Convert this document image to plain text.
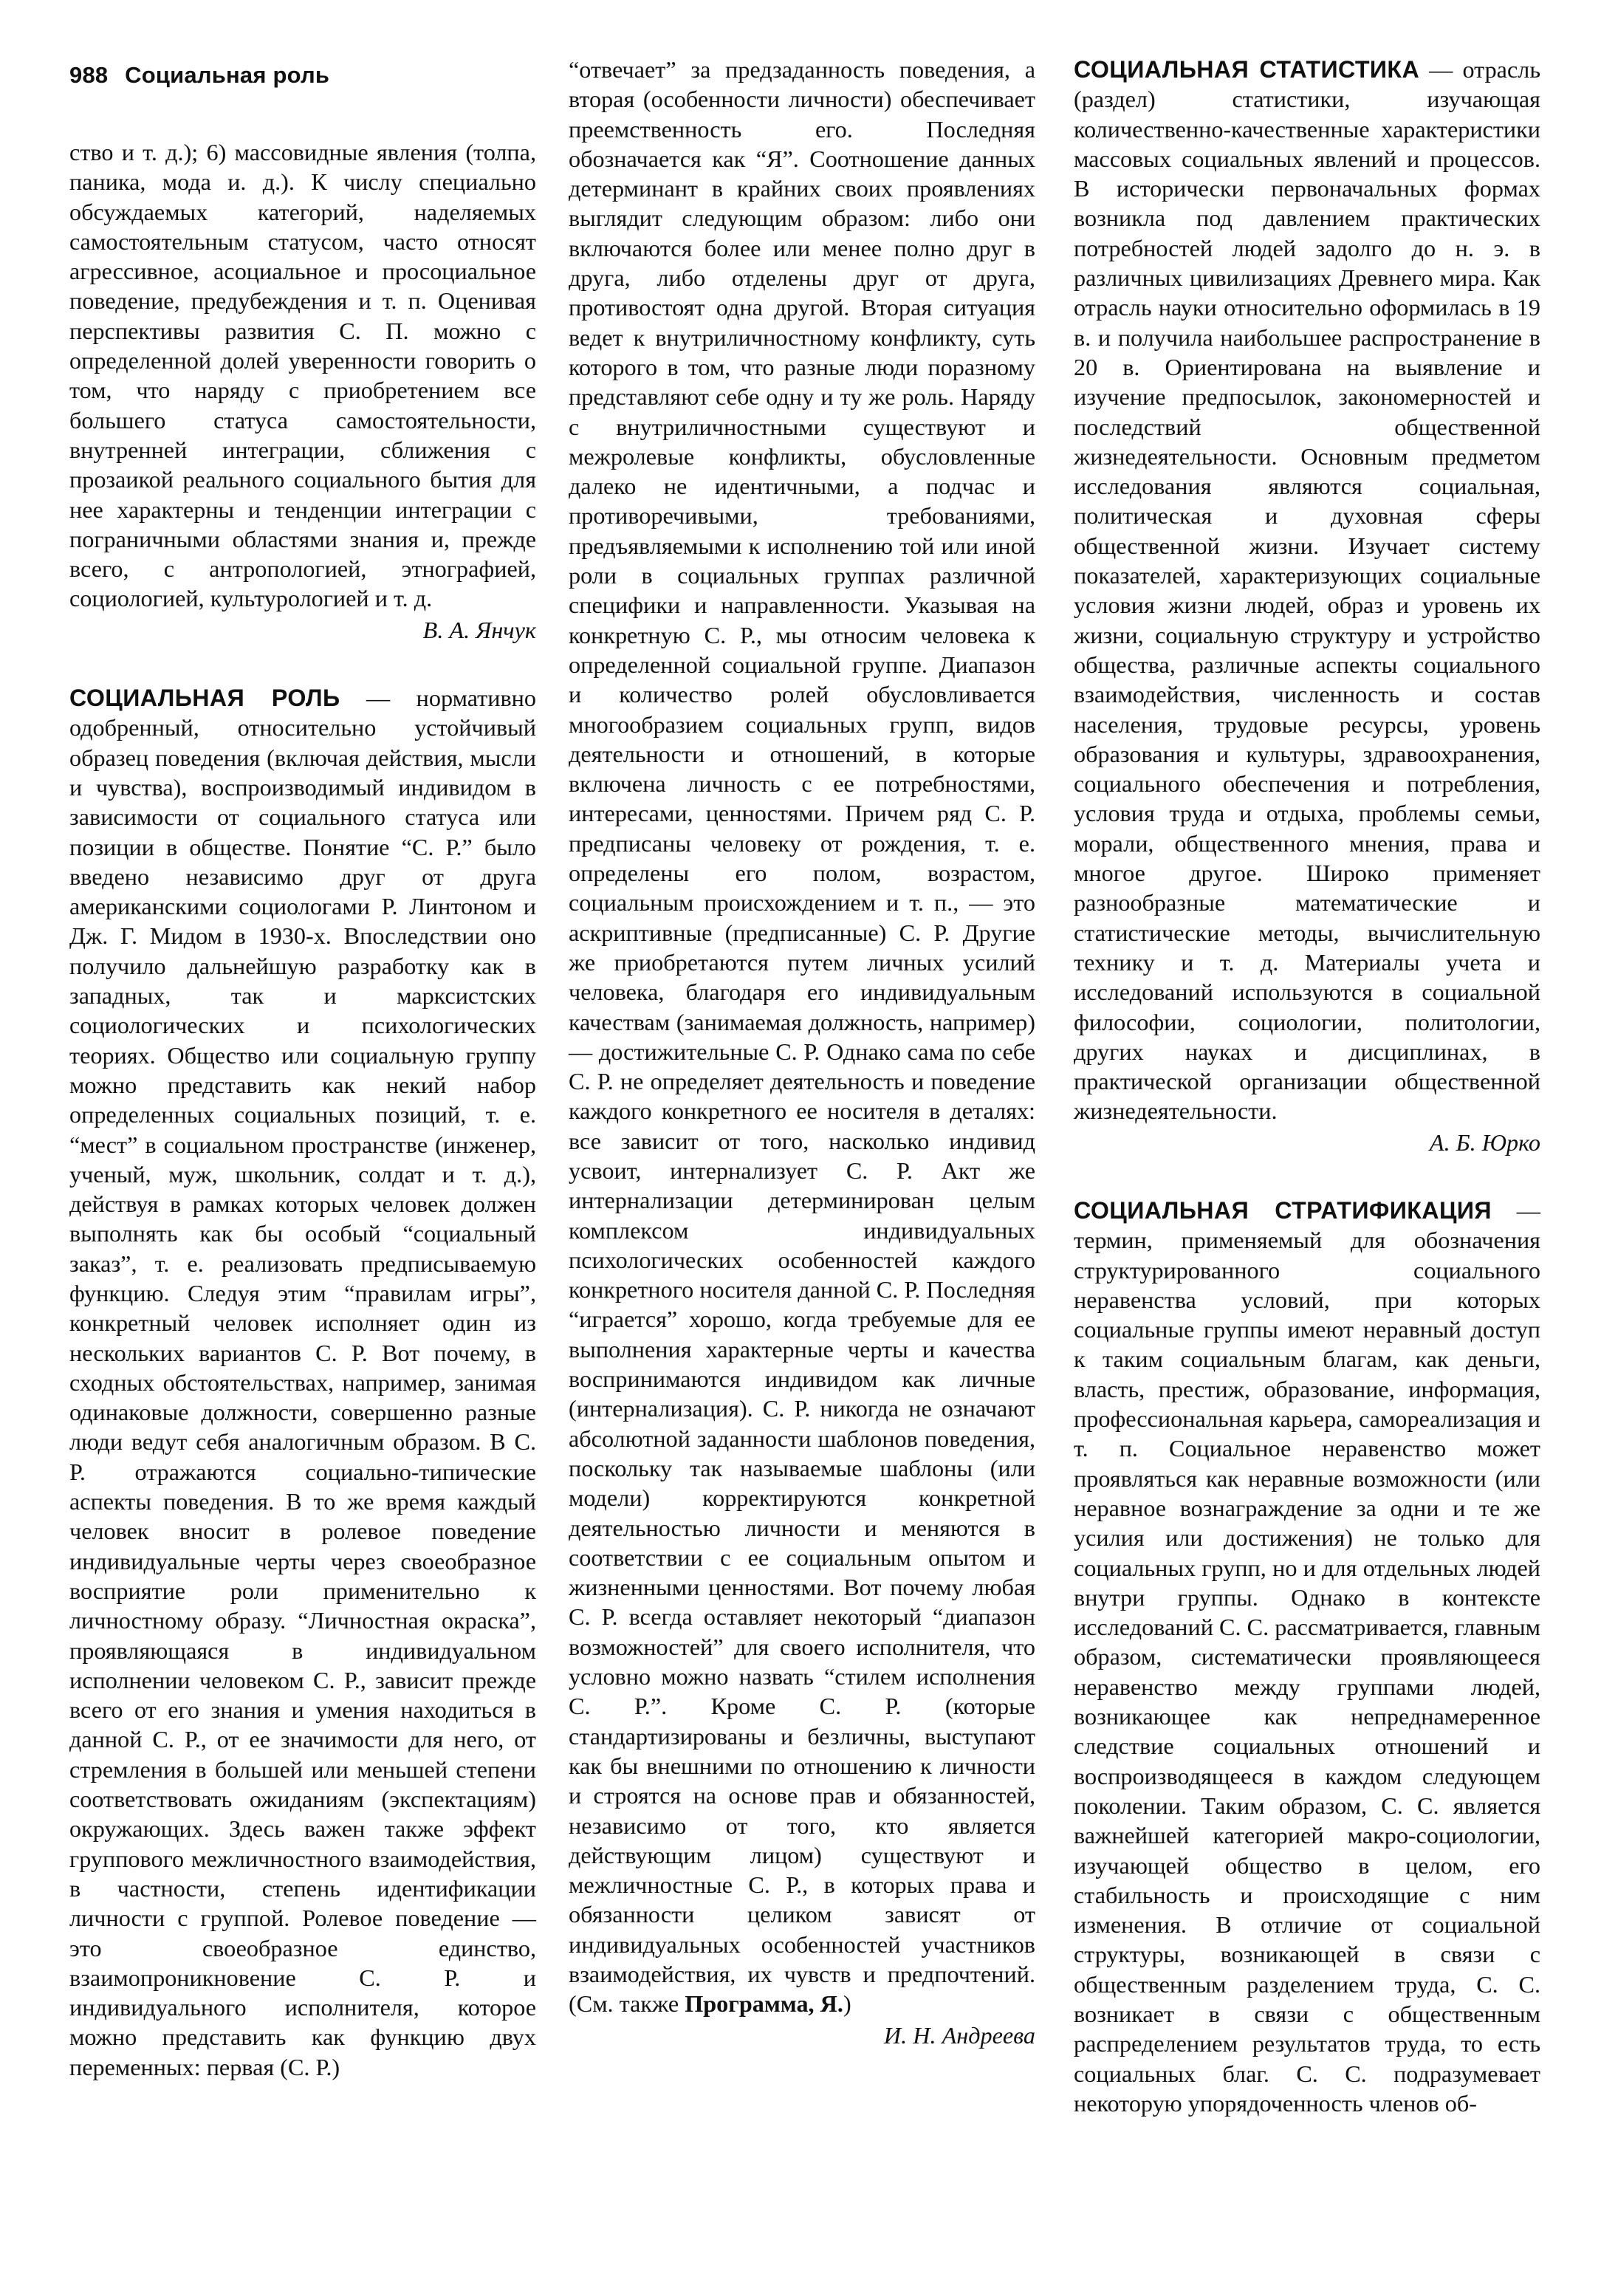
988 Социальная роль

ство и т. д.); 6) массовидные явления (толпа, паника, мода и. д.). К числу специально обсуждаемых категорий, наделяемых самостоятельным статусом, часто относят агрессивное, асоциальное и просоциальное поведение, предубеждения и т. п. Оценивая перспективы развития С. П. можно с определенной долей уверенности говорить о том, что наряду с приобретением все большего статуса самостоятельности, внутренней интеграции, сближения с прозаикой реального социального бытия для нее характерны и тенденции интеграции с пограничными областями знания и, прежде всего, с антропологией, этнографией, социологией, культурологией и т. д.

В. А. Янчук

СОЦИАЛЬНАЯ РОЛЬ — нормативно одобренный, относительно устойчивый образец поведения (включая действия, мысли и чувства), воспроизводимый индивидом в зависимости от социального статуса или позиции в обществе. Понятие “С. Р.” было введено независимо друг от друга американскими социологами Р. Линтоном и Дж. Г. Мидом в 1930-х. Впоследствии оно получило дальнейшую разработку как в западных, так и марксистских социологических и психологических теориях. Общество или социальную группу можно представить как некий набор определенных социальных позиций, т. е. “мест” в социальном пространстве (инженер, ученый, муж, школьник, солдат и т. д.), действуя в рамках которых человек должен выполнять как бы особый “социальный заказ”, т. е. реализовать предписываемую функцию. Следуя этим “правилам игры”, конкретный человек исполняет один из нескольких вариантов С. Р. Вот почему, в сходных обстоятельствах, например, занимая одинаковые должности, совершенно разные люди ведут себя аналогичным образом. В С. Р. отражаются социально-типические аспекты поведения. В то же время каждый человек вносит в ролевое поведение индивидуальные черты через своеобразное восприятие роли применительно к личностному образу. “Личностная окраска”, проявляющаяся в индивидуальном исполнении человеком С. Р., зависит прежде всего от его знания и умения находиться в данной С. Р., от ее значимости для него, от стремления в большей или меньшей степени соответствовать ожиданиям (экспектациям) окружающих. Здесь важен также эффект группового межличностного взаимодействия, в частности, степень идентификации личности с группой. Ролевое поведение — это своеобразное единство, взаимопроникновение С. Р. и индивидуального исполнителя, которое можно представить как функцию двух переменных: первая (С. Р.)

“отвечает” за предзаданность поведения, а вторая (особенности личности) обеспечивает преемственность его. Последняя обозначается как “Я”. Соотношение данных детерминант в крайних своих проявлениях выглядит следующим образом: либо они включаются более или менее полно друг в друга, либо отделены друг от друга, противостоят одна другой. Вторая ситуация ведет к внутриличностному конфликту, суть которого в том, что разные люди поразному представляют себе одну и ту же роль. Наряду с внутриличностными существуют и межролевые конфликты, обусловленные далеко не идентичными, а подчас и противоречивыми, требованиями, предъявляемыми к исполнению той или иной роли в социальных группах различной специфики и направленности. Указывая на конкретную С. Р., мы относим человека к определенной социальной группе. Диапазон и количество ролей обусловливается многообразием социальных групп, видов деятельности и отношений, в которые включена личность с ее потребностями, интересами, ценностями. Причем ряд С. Р. предписаны человеку от рождения, т. е. определены его полом, возрастом, социальным происхождением и т. п., — это аскриптивные (предписанные) С. Р. Другие же приобретаются путем личных усилий человека, благодаря его индивидуальным качествам (занимаемая должность, например) — достижительные С. Р. Однако сама по себе С. Р. не определяет деятельность и поведение каждого конкретного ее носителя в деталях: все зависит от того, насколько индивид усвоит, интернализует С. Р. Акт же интернализации детерминирован целым комплексом индивидуальных психологических особенностей каждого конкретного носителя данной С. Р. Последняя “играется” хорошо, когда требуемые для ее выполнения характерные черты и качества воспринимаются индивидом как личные (интернализация). С. Р. никогда не означают абсолютной заданности шаблонов поведения, поскольку так называемые шаблоны (или модели) корректируются конкретной деятельностью личности и меняются в соответствии с ее социальным опытом и жизненными ценностями. Вот почему любая С. Р. всегда оставляет некоторый “диапазон возможностей” для своего исполнителя, что условно можно назвать “стилем исполнения С. Р.”. Кроме С. Р. (которые стандартизированы и безличны, выступают как бы внешними по отношению к личности и строятся на основе прав и обязанностей, независимо от того, кто является действующим лицом) существуют и межличностные С. Р., в которых права и обязанности целиком зависят от индивидуальных особенностей участников взаимодействия, их чувств и предпочтений. (См. также Программа, Я.)

И. Н. Андреева

СОЦИАЛЬНАЯ СТАТИСТИКА — отрасль (раздел) статистики, изучающая количественно-качественные характеристики массовых социальных явлений и процессов. В исторически первоначальных формах возникла под давлением практических потребностей людей задолго до н. э. в различных цивилизациях Древнего мира. Как отрасль науки относительно оформилась в 19 в. и получила наибольшее распространение в 20 в. Ориентирована на выявление и изучение предпосылок, закономерностей и последствий общественной жизнедеятельности. Основным предметом исследования являются социальная, политическая и духовная сферы общественной жизни. Изучает систему показателей, характеризующих социальные условия жизни людей, образ и уровень их жизни, социальную структуру и устройство общества, различные аспекты социального взаимодействия, численность и состав населения, трудовые ресурсы, уровень образования и культуры, здравоохранения, социального обеспечения и потребления, условия труда и отдыха, проблемы семьи, морали, общественного мнения, права и многое другое. Широко применяет разнообразные математические и статистические методы, вычислительную технику и т. д. Материалы учета и исследований используются в социальной философии, социологии, политологии, других науках и дисциплинах, в практической организации общественной жизнедеятельности.

А. Б. Юрко

СОЦИАЛЬНАЯ СТРАТИФИКАЦИЯ — термин, применяемый для обозначения структурированного социального неравенства условий, при которых социальные группы имеют неравный доступ к таким социальным благам, как деньги, власть, престиж, образование, информация, профессиональная карьера, самореализация и т. п. Социальное неравенство может проявляться как неравные возможности (или неравное вознаграждение за одни и те же усилия или достижения) не только для социальных групп, но и для отдельных людей внутри группы. Однако в контексте исследований С. С. рассматривается, главным образом, систематически проявляющееся неравенство между группами людей, возникающее как непреднамеренное следствие социальных отношений и воспроизводящееся в каждом следующем поколении. Таким образом, С. С. является важнейшей категорией макро-социологии, изучающей общество в целом, его стабильность и происходящие с ним изменения. В отличие от социальной структуры, возникающей в связи с общественным разделением труда, С. С. возникает в связи с общественным распределением результатов труда, то есть социальных благ. С. С. подразумевает некоторую упорядоченность членов об-
